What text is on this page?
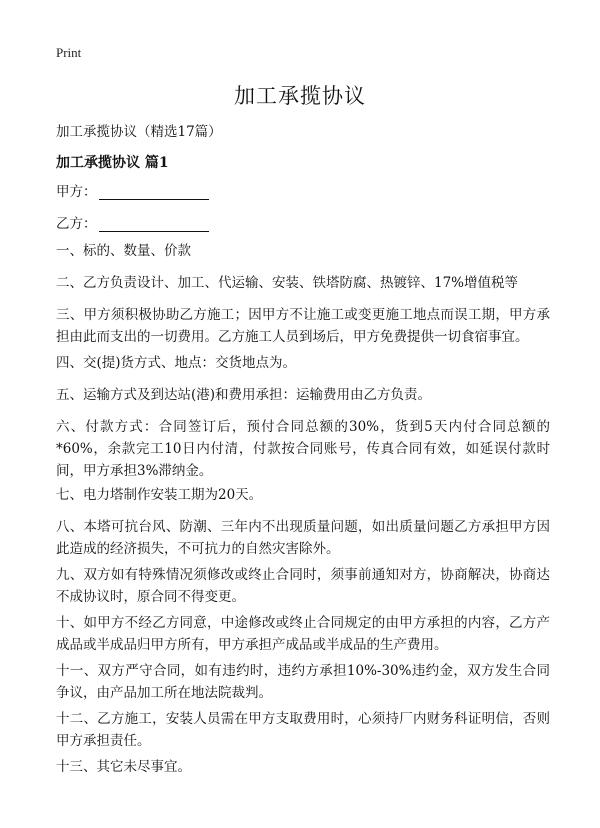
Print
加工承揽协议

加工承揽协议（精选17篇）

加工承揽协议 篇1

甲方：

乙方：

一、标的、数量、价款

二、乙方负责设计、加工、代运输、安装、铁塔防腐、热镀锌、17%增值税等

三、甲方须积极协助乙方施工；因甲方不让施工或变更施工地点而误工期，甲方承担由此而支出的一切费用。乙方施工人员到场后，甲方免费提供一切食宿事宜。

四、交(提)货方式、地点：交货地点为。

五、运输方式及到达站(港)和费用承担：运输费用由乙方负责。

六、付款方式：合同签订后，预付合同总额的30%，货到5天内付合同总额的*60%，余款完工10日内付清，付款按合同账号，传真合同有效，如延误付款时间，甲方承担3%滞纳金。

七、电力塔制作安装工期为20天。

八、本塔可抗台风、防潮、三年内不出现质量问题，如出质量问题乙方承担甲方因此造成的经济损失，不可抗力的自然灾害除外。

九、双方如有特殊情况须修改或终止合同时，须事前通知对方，协商解决，协商达不成协议时，原合同不得变更。

十、如甲方不经乙方同意，中途修改或终止合同规定的由甲方承担的内容，乙方产成品或半成品归甲方所有，甲方承担产成品或半成品的生产费用。

十一、双方严守合同，如有违约时，违约方承担10%-30%违约金，双方发生合同争议，由产品加工所在地法院裁判。

十二、乙方施工，安装人员需在甲方支取费用时，心须持厂内财务科证明信，否则甲方承担责任。

十三、其它未尽事宜。
